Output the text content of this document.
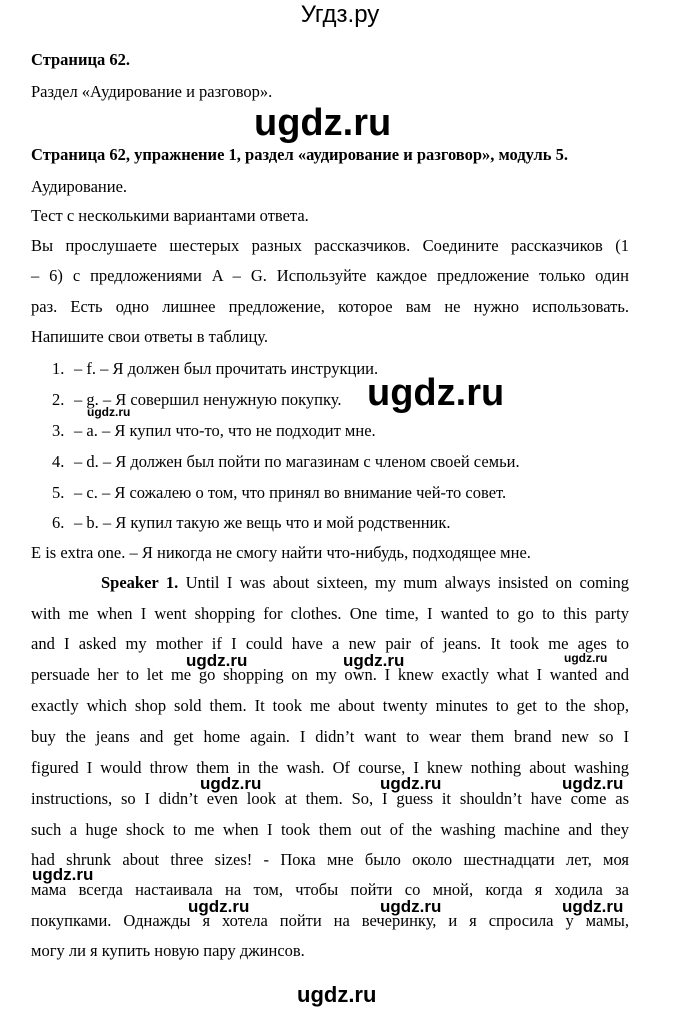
Угдз.ру
Страница 62.
Раздел «Аудирование и разговор».
Страница 62, упражнение 1, раздел «аудирование и разговор», модуль 5.
Аудирование.
Тест с несколькими вариантами ответа.
Вы прослушаете шестерых разных рассказчиков. Соедините рассказчиков (1
– 6) с предложениями A – G. Используйте каждое предложение только один
раз. Есть одно лишнее предложение, которое вам не нужно использовать.
Напишите свои ответы в таблицу.
1. – f. – Я должен был прочитать инструкции.
2. – g. – Я совершил ненужную покупку.
3. – a. – Я купил что-то, что не подходит мне.
4. – d. – Я должен был пойти по магазинам с членом своей семьи.
5. – c. – Я сожалею о том, что принял во внимание чей-то совет.
6. – b. – Я купил такую же вещь что и мой родственник.
E is extra one. – Я никогда не смогу найти что-нибудь, подходящее мне.
Speaker 1. Until I was about sixteen, my mum always insisted on coming
with me when I went shopping for clothes. One time, I wanted to go to this party
and I asked my mother if I could have a new pair of jeans. It took me ages to
persuade her to let me go shopping on my own. I knew exactly what I wanted and
exactly which shop sold them. It took me about twenty minutes to get to the shop,
buy the jeans and get home again. I didn’t want to wear them brand new so I
figured I would throw them in the wash. Of course, I knew nothing about washing
instructions, so I didn’t even look at them. So, I guess it shouldn’t have come as
such a huge shock to me when I took them out of the washing machine and they
had shrunk about three sizes! - Пока мне было около шестнадцати лет, моя
мама всегда настаивала на том, чтобы пойти со мной, когда я ходила за
покупками. Однажды я хотела пойти на вечеринку, и я спросила у мамы,
могу ли я купить новую пару джинсов.
ugdz.ru
ugdz.ru
ugdz.ru
ugdz.ru	ugdz.ru	ugdz.ru
ugdz.ru	ugdz.ru	ugdz.ru
ugdz.ru
ugdz.ru	ugdz.ru	ugdz.ru
ugdz.ru
